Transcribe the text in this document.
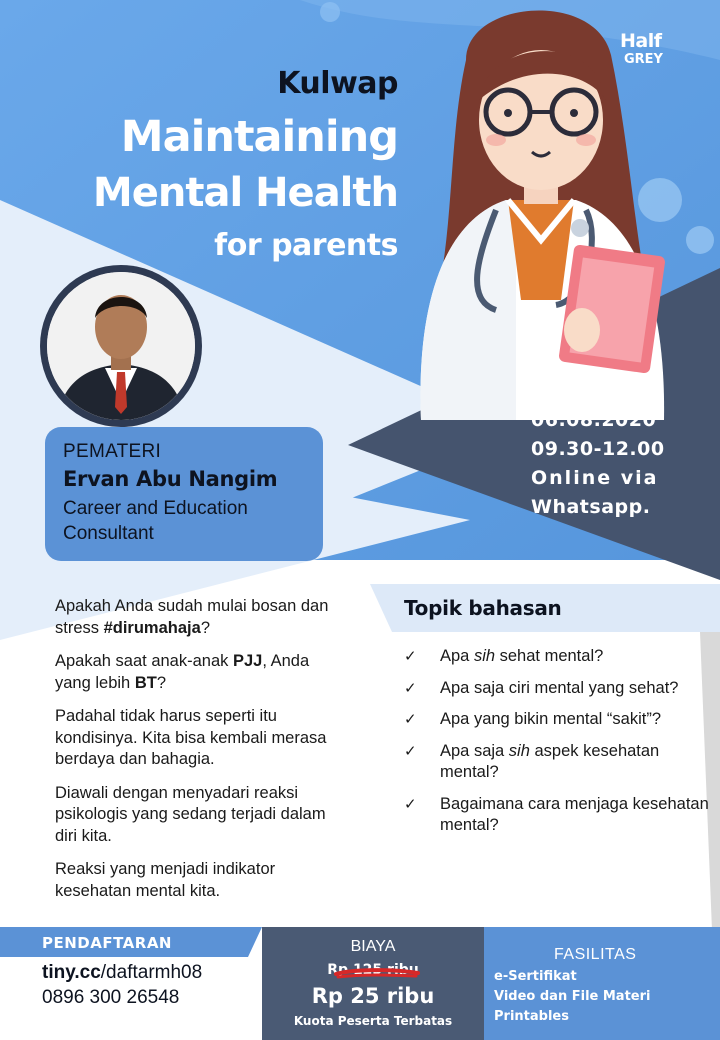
Half
GREY
Kulwap
Maintaining
Mental Health
for parents
PEMATERI
Ervan Abu Nangim
Career and Education
Consultant
Kamis
06.08.2020
09.30-12.00
Online via
Whatsapp.

Apakah Anda sudah mulai bosan dan stress #dirumahaja?

Apakah saat anak-anak PJJ, Anda yang lebih BT?

Padahal tidak harus seperti itu kondisinya. Kita bisa kembali merasa berdaya dan bahagia.

Diawali dengan menyadari reaksi psikologis yang sedang terjadi dalam diri kita.

Reaksi yang menjadi indikator kesehatan mental kita.

Topik bahasan
✓ Apa sih sehat mental?
✓ Apa saja ciri mental yang sehat?
✓ Apa yang bikin mental “sakit”?
✓ Apa saja sih aspek kesehatan mental?
✓ Bagaimana cara menjaga kesehatan mental?
PENDAFTARAN
tiny.cc/daftarmh08
0896 300 26548
BIAYA
Rp 125 ribu
Rp 25 ribu
Kuota Peserta Terbatas
FASILITAS
e-Sertifikat
Video dan File Materi
Printables
